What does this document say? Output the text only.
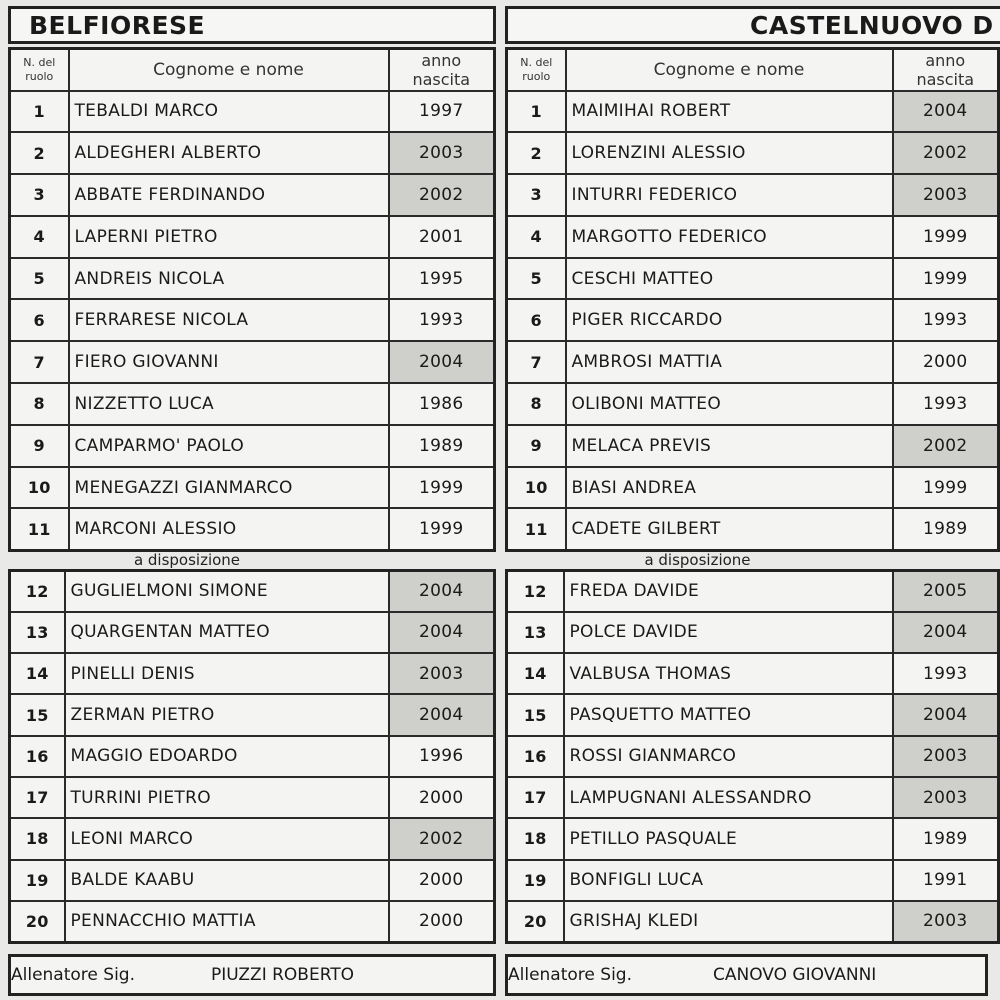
BELFIORESE
N. del
ruolo	Cognome e nome	anno
nascita
1	TEBALDI MARCO	1997
2	ALDEGHERI ALBERTO	2003
3	ABBATE FERDINANDO	2002
4	LAPERNI PIETRO	2001
5	ANDREIS NICOLA	1995
6	FERRARESE NICOLA	1993
7	FIERO GIOVANNI	2004
8	NIZZETTO LUCA	1986
9	CAMPARMO' PAOLO	1989
10	MENEGAZZI GIANMARCO	1999
11	MARCONI ALESSIO	1999
a disposizione
12	GUGLIELMONI SIMONE	2004
13	QUARGENTAN MATTEO	2004
14	PINELLI DENIS	2003
15	ZERMAN PIETRO	2004
16	MAGGIO EDOARDO	1996
17	TURRINI PIETRO	2000
18	LEONI MARCO	2002
19	BALDE KAABU	2000
20	PENNACCHIO MATTIA	2000
Allenatore Sig.	PIUZZI ROBERTO
CASTELNUOVO D
N. del
ruolo	Cognome e nome	anno
nascita
1	MAIMIHAI ROBERT	2004
2	LORENZINI ALESSIO	2002
3	INTURRI FEDERICO	2003
4	MARGOTTO FEDERICO	1999
5	CESCHI MATTEO	1999
6	PIGER RICCARDO	1993
7	AMBROSI MATTIA	2000
8	OLIBONI MATTEO	1993
9	MELACA PREVIS	2002
10	BIASI ANDREA	1999
11	CADETE GILBERT	1989
a disposizione
12	FREDA DAVIDE	2005
13	POLCE DAVIDE	2004
14	VALBUSA THOMAS	1993
15	PASQUETTO MATTEO	2004
16	ROSSI GIANMARCO	2003
17	LAMPUGNANI ALESSANDRO	2003
18	PETILLO PASQUALE	1989
19	BONFIGLI LUCA	1991
20	GRISHAJ KLEDI	2003
Allenatore Sig.	CANOVO GIOVANNI
